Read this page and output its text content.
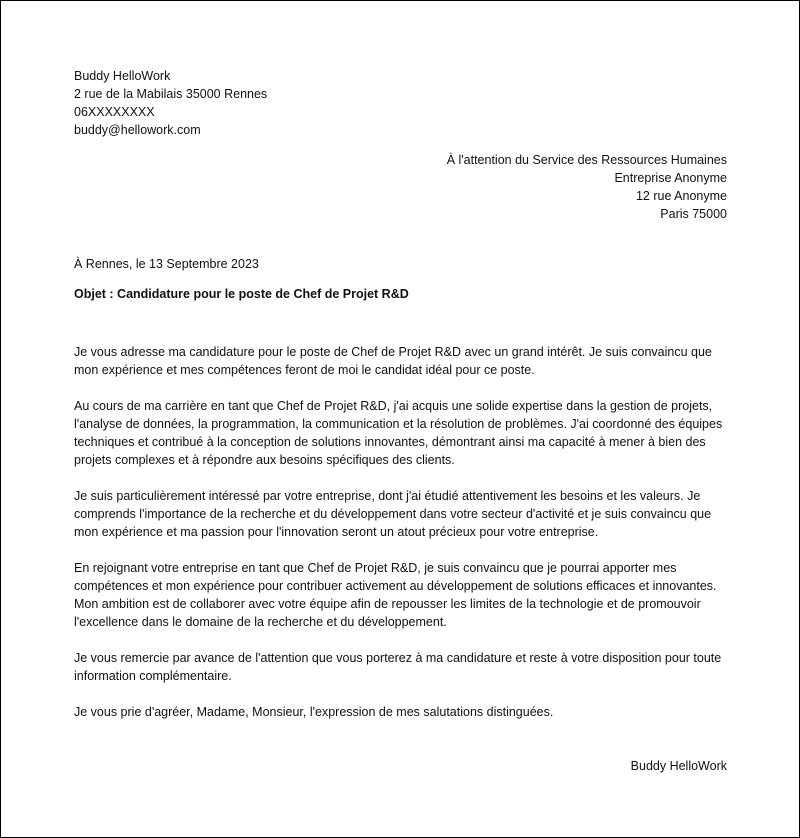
Buddy HelloWork
2 rue de la Mabilais 35000 Rennes
06XXXXXXXX
buddy@hellowork.com
À l'attention du Service des Ressources Humaines
Entreprise Anonyme
12 rue Anonyme
Paris 75000
À Rennes, le 13 Septembre 2023
Objet : Candidature pour le poste de Chef de Projet R&D

Je vous adresse ma candidature pour le poste de Chef de Projet R&D avec un grand intérêt. Je suis convaincu que mon expérience et mes compétences feront de moi le candidat idéal pour ce poste.

Au cours de ma carrière en tant que Chef de Projet R&D, j'ai acquis une solide expertise dans la gestion de projets, l'analyse de données, la programmation, la communication et la résolution de problèmes. J'ai coordonné des équipes techniques et contribué à la conception de solutions innovantes, démontrant ainsi ma capacité à mener à bien des projets complexes et à répondre aux besoins spécifiques des clients.

Je suis particulièrement intéressé par votre entreprise, dont j'ai étudié attentivement les besoins et les valeurs. Je comprends l'importance de la recherche et du développement dans votre secteur d'activité et je suis convaincu que mon expérience et ma passion pour l'innovation seront un atout précieux pour votre entreprise.

En rejoignant votre entreprise en tant que Chef de Projet R&D, je suis convaincu que je pourrai apporter mes compétences et mon expérience pour contribuer activement au développement de solutions efficaces et innovantes. Mon ambition est de collaborer avec votre équipe afin de repousser les limites de la technologie et de promouvoir l'excellence dans le domaine de la recherche et du développement.

Je vous remercie par avance de l'attention que vous porterez à ma candidature et reste à votre disposition pour toute information complémentaire.

Je vous prie d'agréer, Madame, Monsieur, l'expression de mes salutations distinguées.

Buddy HelloWork
